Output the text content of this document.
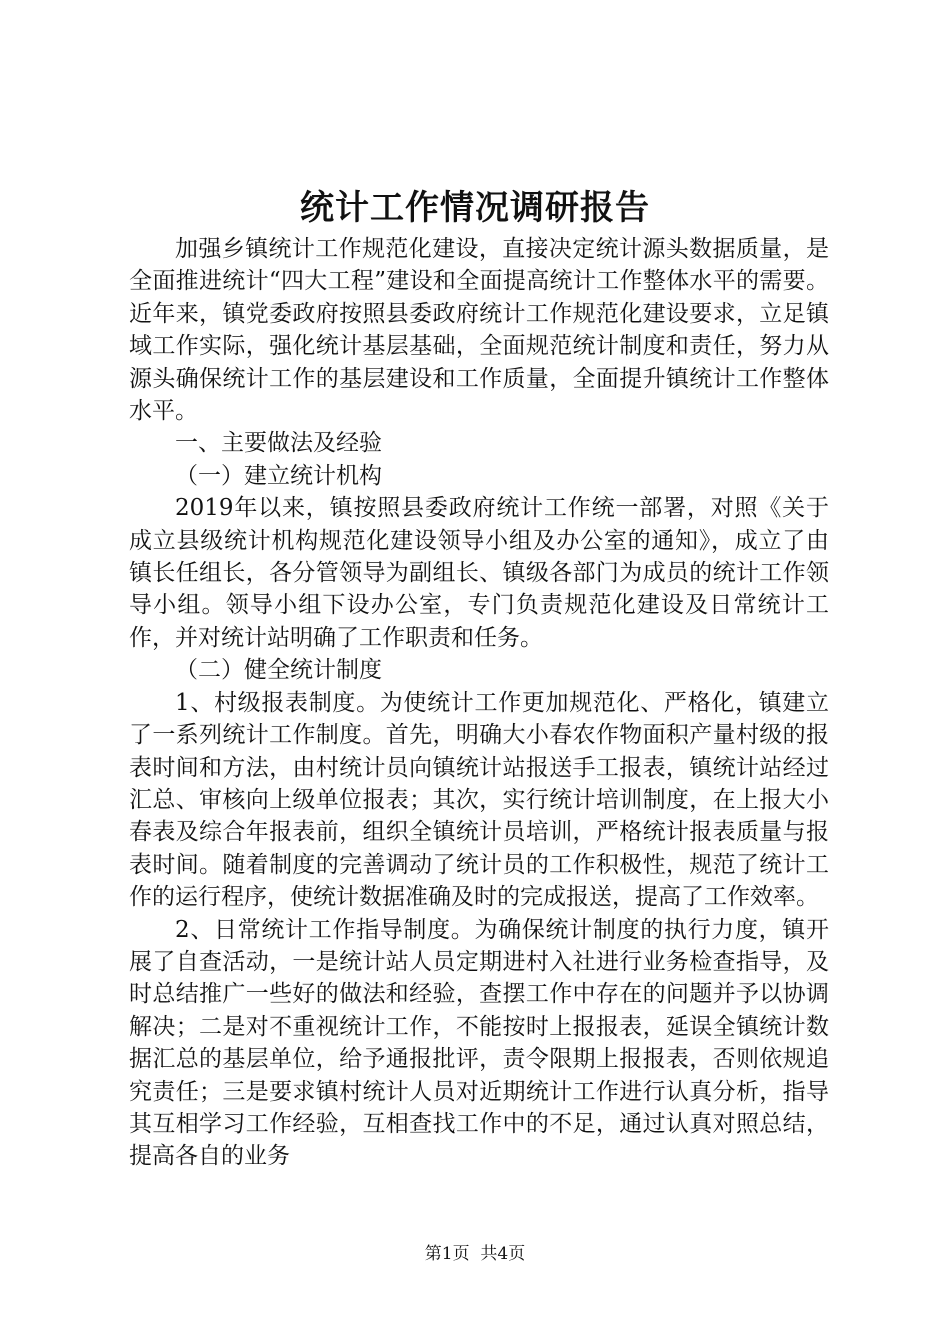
统计工作情况调研报告

加强乡镇统计工作规范化建设，直接决定统计源头数据质量，是全面推进统计“四大工程”建设和全面提高统计工作整体水平的需要。近年来，镇党委政府按照县委政府统计工作规范化建设要求，立足镇域工作实际，强化统计基层基础，全面规范统计制度和责任，努力从源头确保统计工作的基层建设和工作质量，全面提升镇统计工作整体水平。

一、主要做法及经验

（一）建立统计机构

2019年以来，镇按照县委政府统计工作统一部署，对照《关于成立县级统计机构规范化建设领导小组及办公室的通知》，成立了由镇长任组长，各分管领导为副组长、镇级各部门为成员的统计工作领导小组。领导小组下设办公室，专门负责规范化建设及日常统计工作，并对统计站明确了工作职责和任务。

（二）健全统计制度

1、村级报表制度。为使统计工作更加规范化、严格化，镇建立了一系列统计工作制度。首先，明确大小春农作物面积产量村级的报表时间和方法，由村统计员向镇统计站报送手工报表，镇统计站经过汇总、审核向上级单位报表；其次，实行统计培训制度，在上报大小春表及综合年报表前，组织全镇统计员培训，严格统计报表质量与报表时间。随着制度的完善调动了统计员的工作积极性，规范了统计工作的运行程序，使统计数据准确及时的完成报送，提高了工作效率。

2、日常统计工作指导制度。为确保统计制度的执行力度，镇开展了自查活动，一是统计站人员定期进村入社进行业务检查指导，及时总结推广一些好的做法和经验，查摆工作中存在的问题并予以协调解决；二是对不重视统计工作，不能按时上报报表，延误全镇统计数据汇总的基层单位，给予通报批评，责令限期上报报表，否则依规追究责任；三是要求镇村统计人员对近期统计工作进行认真分析，指导其互相学习工作经验，互相查找工作中的不足，通过认真对照总结，提高各自的业务

第1页 共4页
